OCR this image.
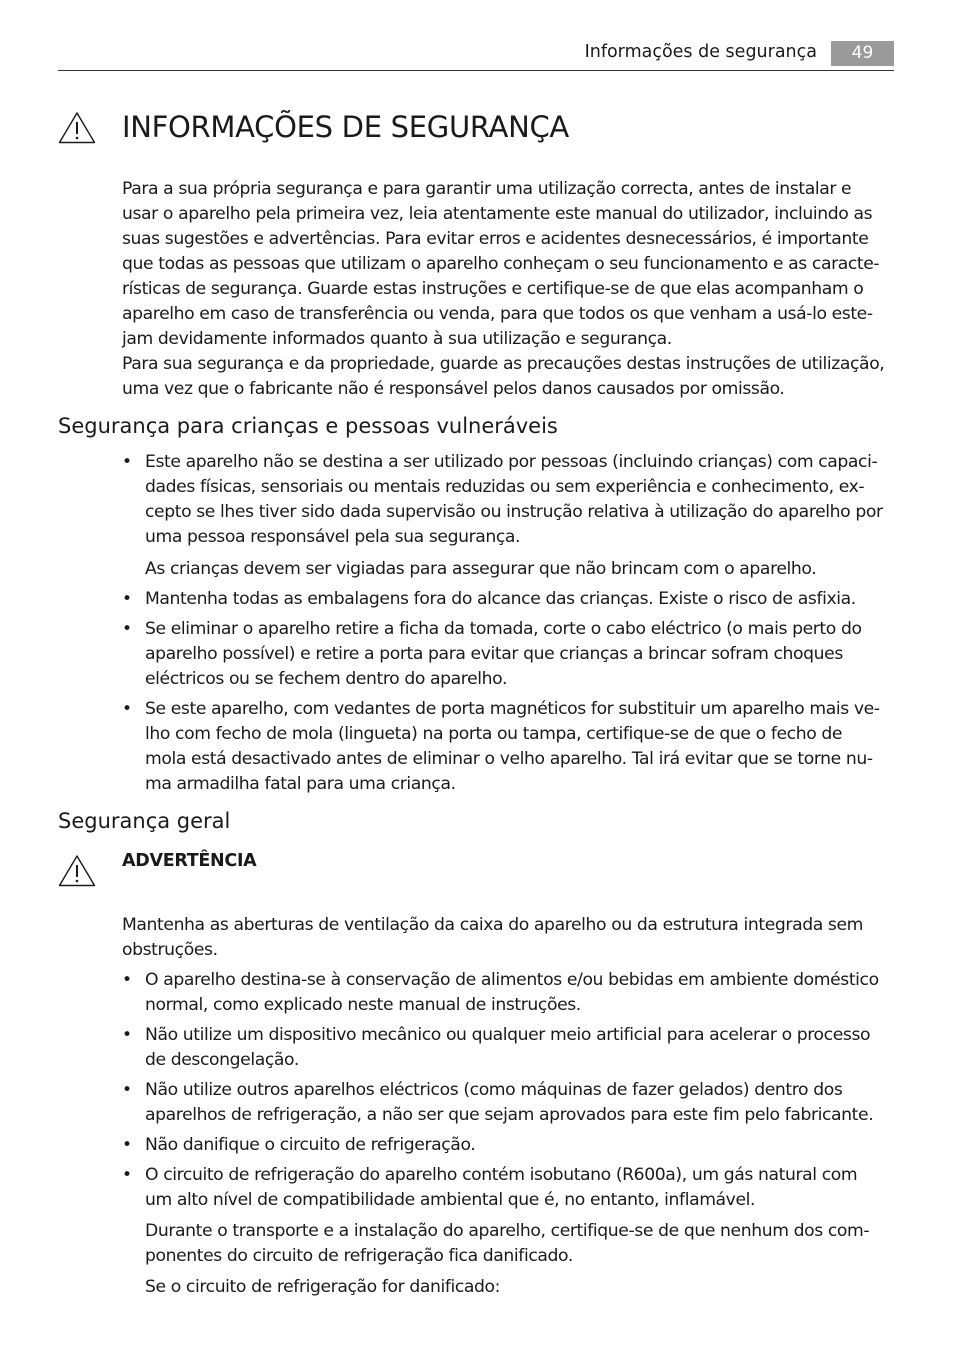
Informações de segurança	49
INFORMAÇÕES DE SEGURANÇA

Para a sua própria segurança e para garantir uma utilização correcta, antes de instalar e
usar o aparelho pela primeira vez, leia atentamente este manual do utilizador, incluindo as
suas sugestões e advertências. Para evitar erros e acidentes desnecessários, é importante
que todas as pessoas que utilizam o aparelho conheçam o seu funcionamento e as caracte-
rísticas de segurança. Guarde estas instruções e certifique-se de que elas acompanham o
aparelho em caso de transferência ou venda, para que todos os que venham a usá-lo este-
jam devidamente informados quanto à sua utilização e segurança.
Para sua segurança e da propriedade, guarde as precauções destas instruções de utilização,
uma vez que o fabricante não é responsável pelos danos causados por omissão.

Segurança para crianças e pessoas vulneráveis
• Este aparelho não se destina a ser utilizado por pessoas (incluindo crianças) com capaci-
dades físicas, sensoriais ou mentais reduzidas ou sem experiência e conhecimento, ex-
cepto se lhes tiver sido dada supervisão ou instrução relativa à utilização do aparelho por
uma pessoa responsável pela sua segurança.

As crianças devem ser vigiadas para assegurar que não brincam com o aparelho.

• Mantenha todas as embalagens fora do alcance das crianças. Existe o risco de asfixia.

• Se eliminar o aparelho retire a ficha da tomada, corte o cabo eléctrico (o mais perto do
aparelho possível) e retire a porta para evitar que crianças a brincar sofram choques
eléctricos ou se fechem dentro do aparelho.

• Se este aparelho, com vedantes de porta magnéticos for substituir um aparelho mais ve-
lho com fecho de mola (lingueta) na porta ou tampa, certifique-se de que o fecho de
mola está desactivado antes de eliminar o velho aparelho. Tal irá evitar que se torne nu-
ma armadilha fatal para uma criança.

Segurança geral
ADVERTÊNCIA

Mantenha as aberturas de ventilação da caixa do aparelho ou da estrutura integrada sem
obstruções.

• O aparelho destina-se à conservação de alimentos e/ou bebidas em ambiente doméstico
normal, como explicado neste manual de instruções.

• Não utilize um dispositivo mecânico ou qualquer meio artificial para acelerar o processo
de descongelação.

• Não utilize outros aparelhos eléctricos (como máquinas de fazer gelados) dentro dos
aparelhos de refrigeração, a não ser que sejam aprovados para este fim pelo fabricante.

• Não danifique o circuito de refrigeração.

• O circuito de refrigeração do aparelho contém isobutano (R600a), um gás natural com
um alto nível de compatibilidade ambiental que é, no entanto, inflamável.

Durante o transporte e a instalação do aparelho, certifique-se de que nenhum dos com-
ponentes do circuito de refrigeração fica danificado.

Se o circuito de refrigeração for danificado:
